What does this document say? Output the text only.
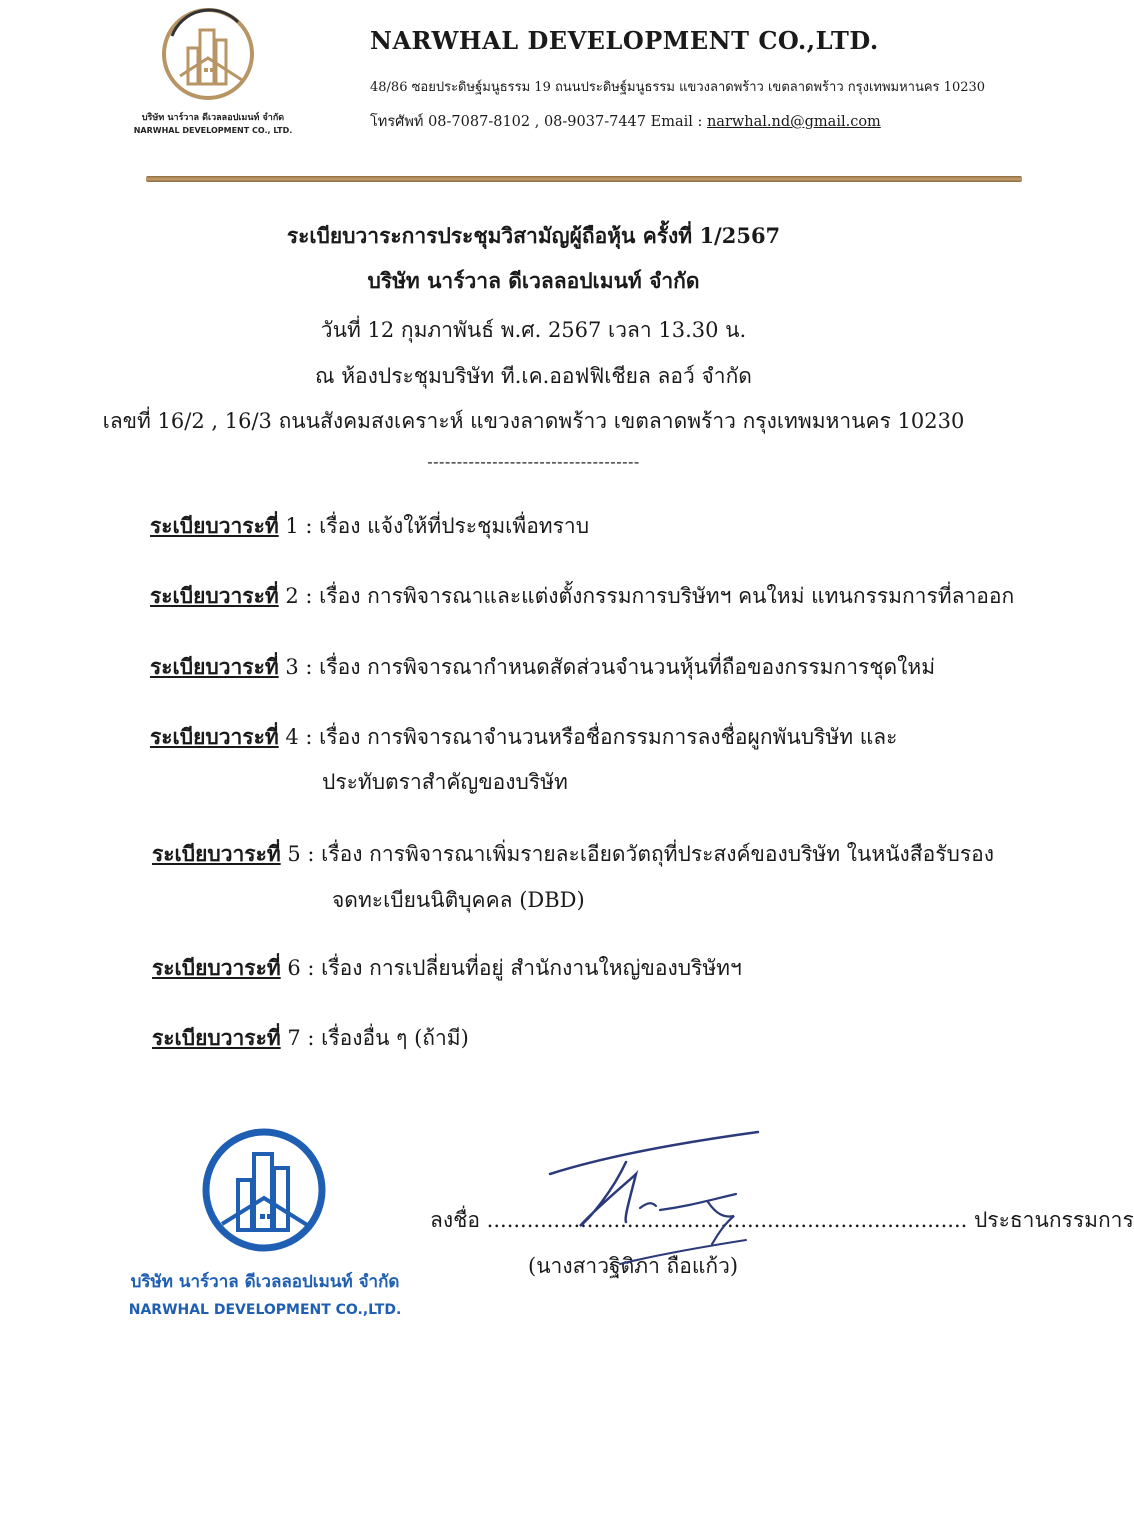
บริษัท นาร์วาล ดีเวลลอปเมนท์ จำกัด
NARWHAL DEVELOPMENT CO., LTD.
NARWHAL DEVELOPMENT CO.,LTD.
48/86 ซอยประดิษฐ์มนูธรรม 19 ถนนประดิษฐ์มนูธรรม แขวงลาดพร้าว เขตลาดพร้าว กรุงเทพมหานคร 10230
โทรศัพท์ 08-7087-8102 , 08-9037-7447 Email : narwhal.nd@gmail.com
ระเบียบวาระการประชุมวิสามัญผู้ถือหุ้น ครั้งที่ 1/2567
บริษัท นาร์วาล ดีเวลลอปเมนท์ จำกัด
วันที่ 12 กุมภาพันธ์ พ.ศ. 2567 เวลา 13.30 น.
ณ ห้องประชุมบริษัท ที.เค.ออฟฟิเชียล ลอว์ จำกัด
เลขที่ 16/2 , 16/3 ถนนสังคมสงเคราะห์ แขวงลาดพร้าว เขตลาดพร้าว กรุงเทพมหานคร 10230
------------------------------------
ระเบียบวาระที่ 1 : เรื่อง แจ้งให้ที่ประชุมเพื่อทราบ
ระเบียบวาระที่ 2 : เรื่อง การพิจารณาและแต่งตั้งกรรมการบริษัทฯ คนใหม่ แทนกรรมการที่ลาออก
ระเบียบวาระที่ 3 : เรื่อง การพิจารณากำหนดสัดส่วนจำนวนหุ้นที่ถือของกรรมการชุดใหม่
ระเบียบวาระที่ 4 : เรื่อง การพิจารณาจำนวนหรือชื่อกรรมการลงชื่อผูกพันบริษัท และ
ประทับตราสำคัญของบริษัท
ระเบียบวาระที่ 5 : เรื่อง การพิจารณาเพิ่มรายละเอียดวัตถุที่ประสงค์ของบริษัท ในหนังสือรับรอง
จดทะเบียนนิติบุคคล (DBD)
ระเบียบวาระที่ 6 : เรื่อง การเปลี่ยนที่อยู่ สำนักงานใหญ่ของบริษัทฯ
ระเบียบวาระที่ 7 : เรื่องอื่น ๆ (ถ้ามี)
บริษัท นาร์วาล ดีเวลลอปเมนท์ จำกัด
NARWHAL DEVELOPMENT CO.,LTD.
ลงชื่อ ........................................................................ ประธานกรรมการ
(นางสาวฐิติภา ถือแก้ว)
